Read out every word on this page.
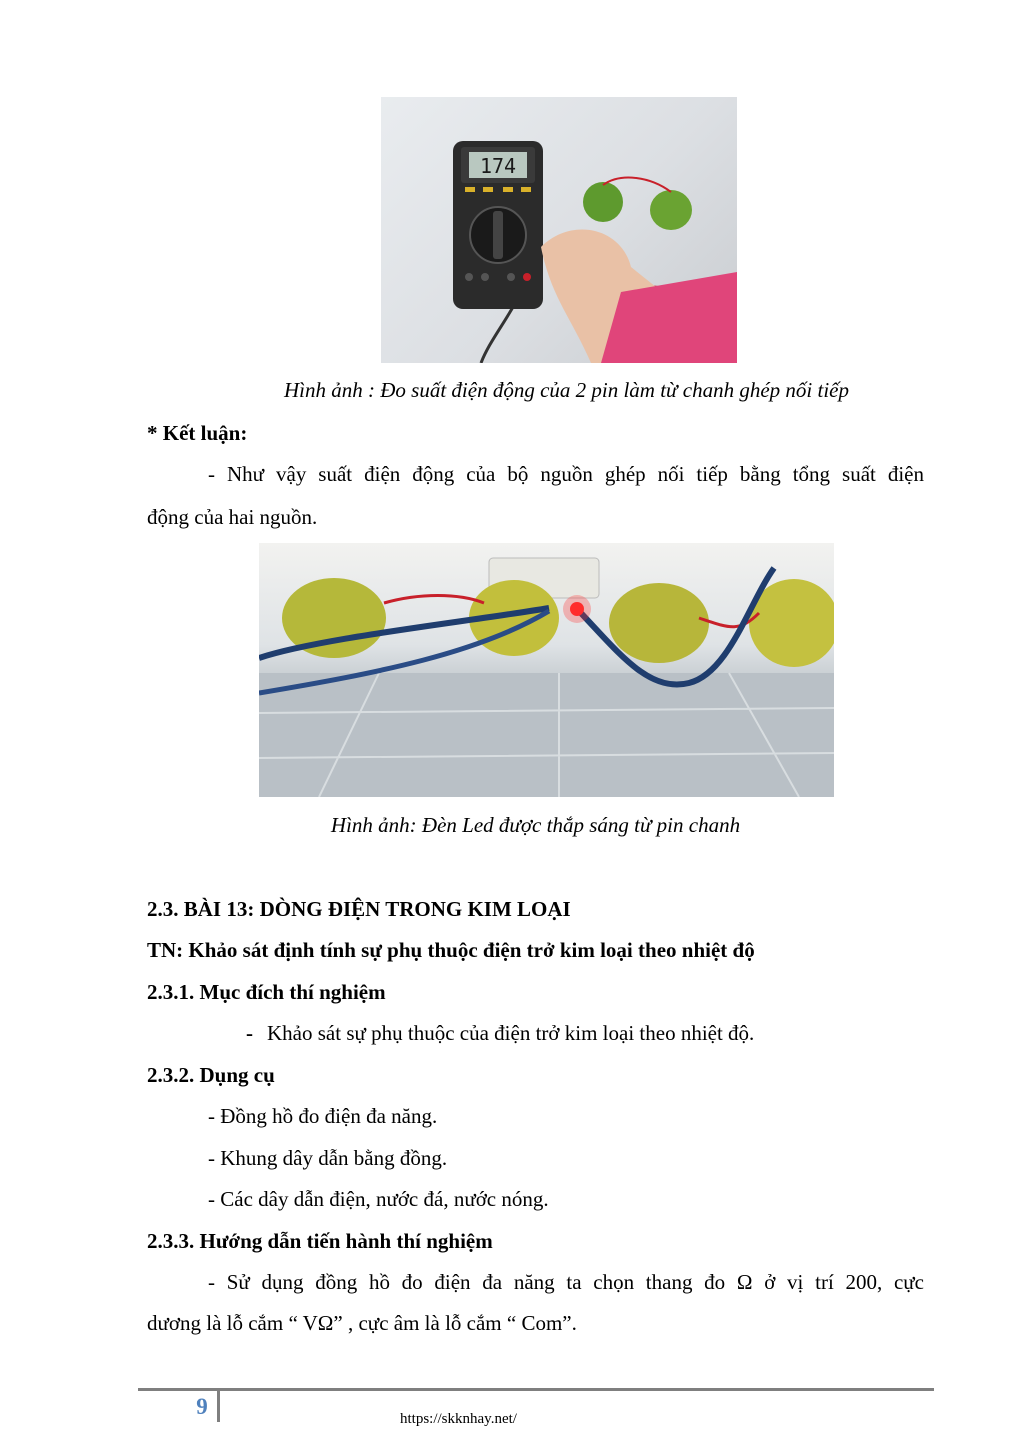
174
Hình ảnh : Đo suất điện động của 2 pin làm từ chanh ghép nối tiếp
* Kết luận:
- Như vậy suất điện động của bộ nguồn ghép nối tiếp bằng tổng suất điện
động của hai nguồn.
Hình ảnh: Đèn Led được thắp sáng từ pin chanh
2.3. BÀI 13: DÒNG ĐIỆN TRONG KIM LOẠI
TN: Khảo sát định tính sự phụ thuộc điện trở kim loại theo nhiệt độ
2.3.1. Mục đích thí nghiệm
- Khảo sát sự phụ thuộc của điện trở kim loại theo nhiệt độ.
2.3.2. Dụng cụ
- Đồng hồ đo điện đa năng.
- Khung dây dẫn bằng đồng.
- Các dây dẫn điện, nước đá, nước nóng.
2.3.3. Hướng dẫn tiến hành thí nghiệm
- Sử dụng đồng hồ đo điện đa năng ta chọn thang đo Ω ở vị trí 200, cực
dương là lỗ cắm “ VΩ” , cực âm là lỗ cắm “ Com”.
9	https://skknhay.net/
